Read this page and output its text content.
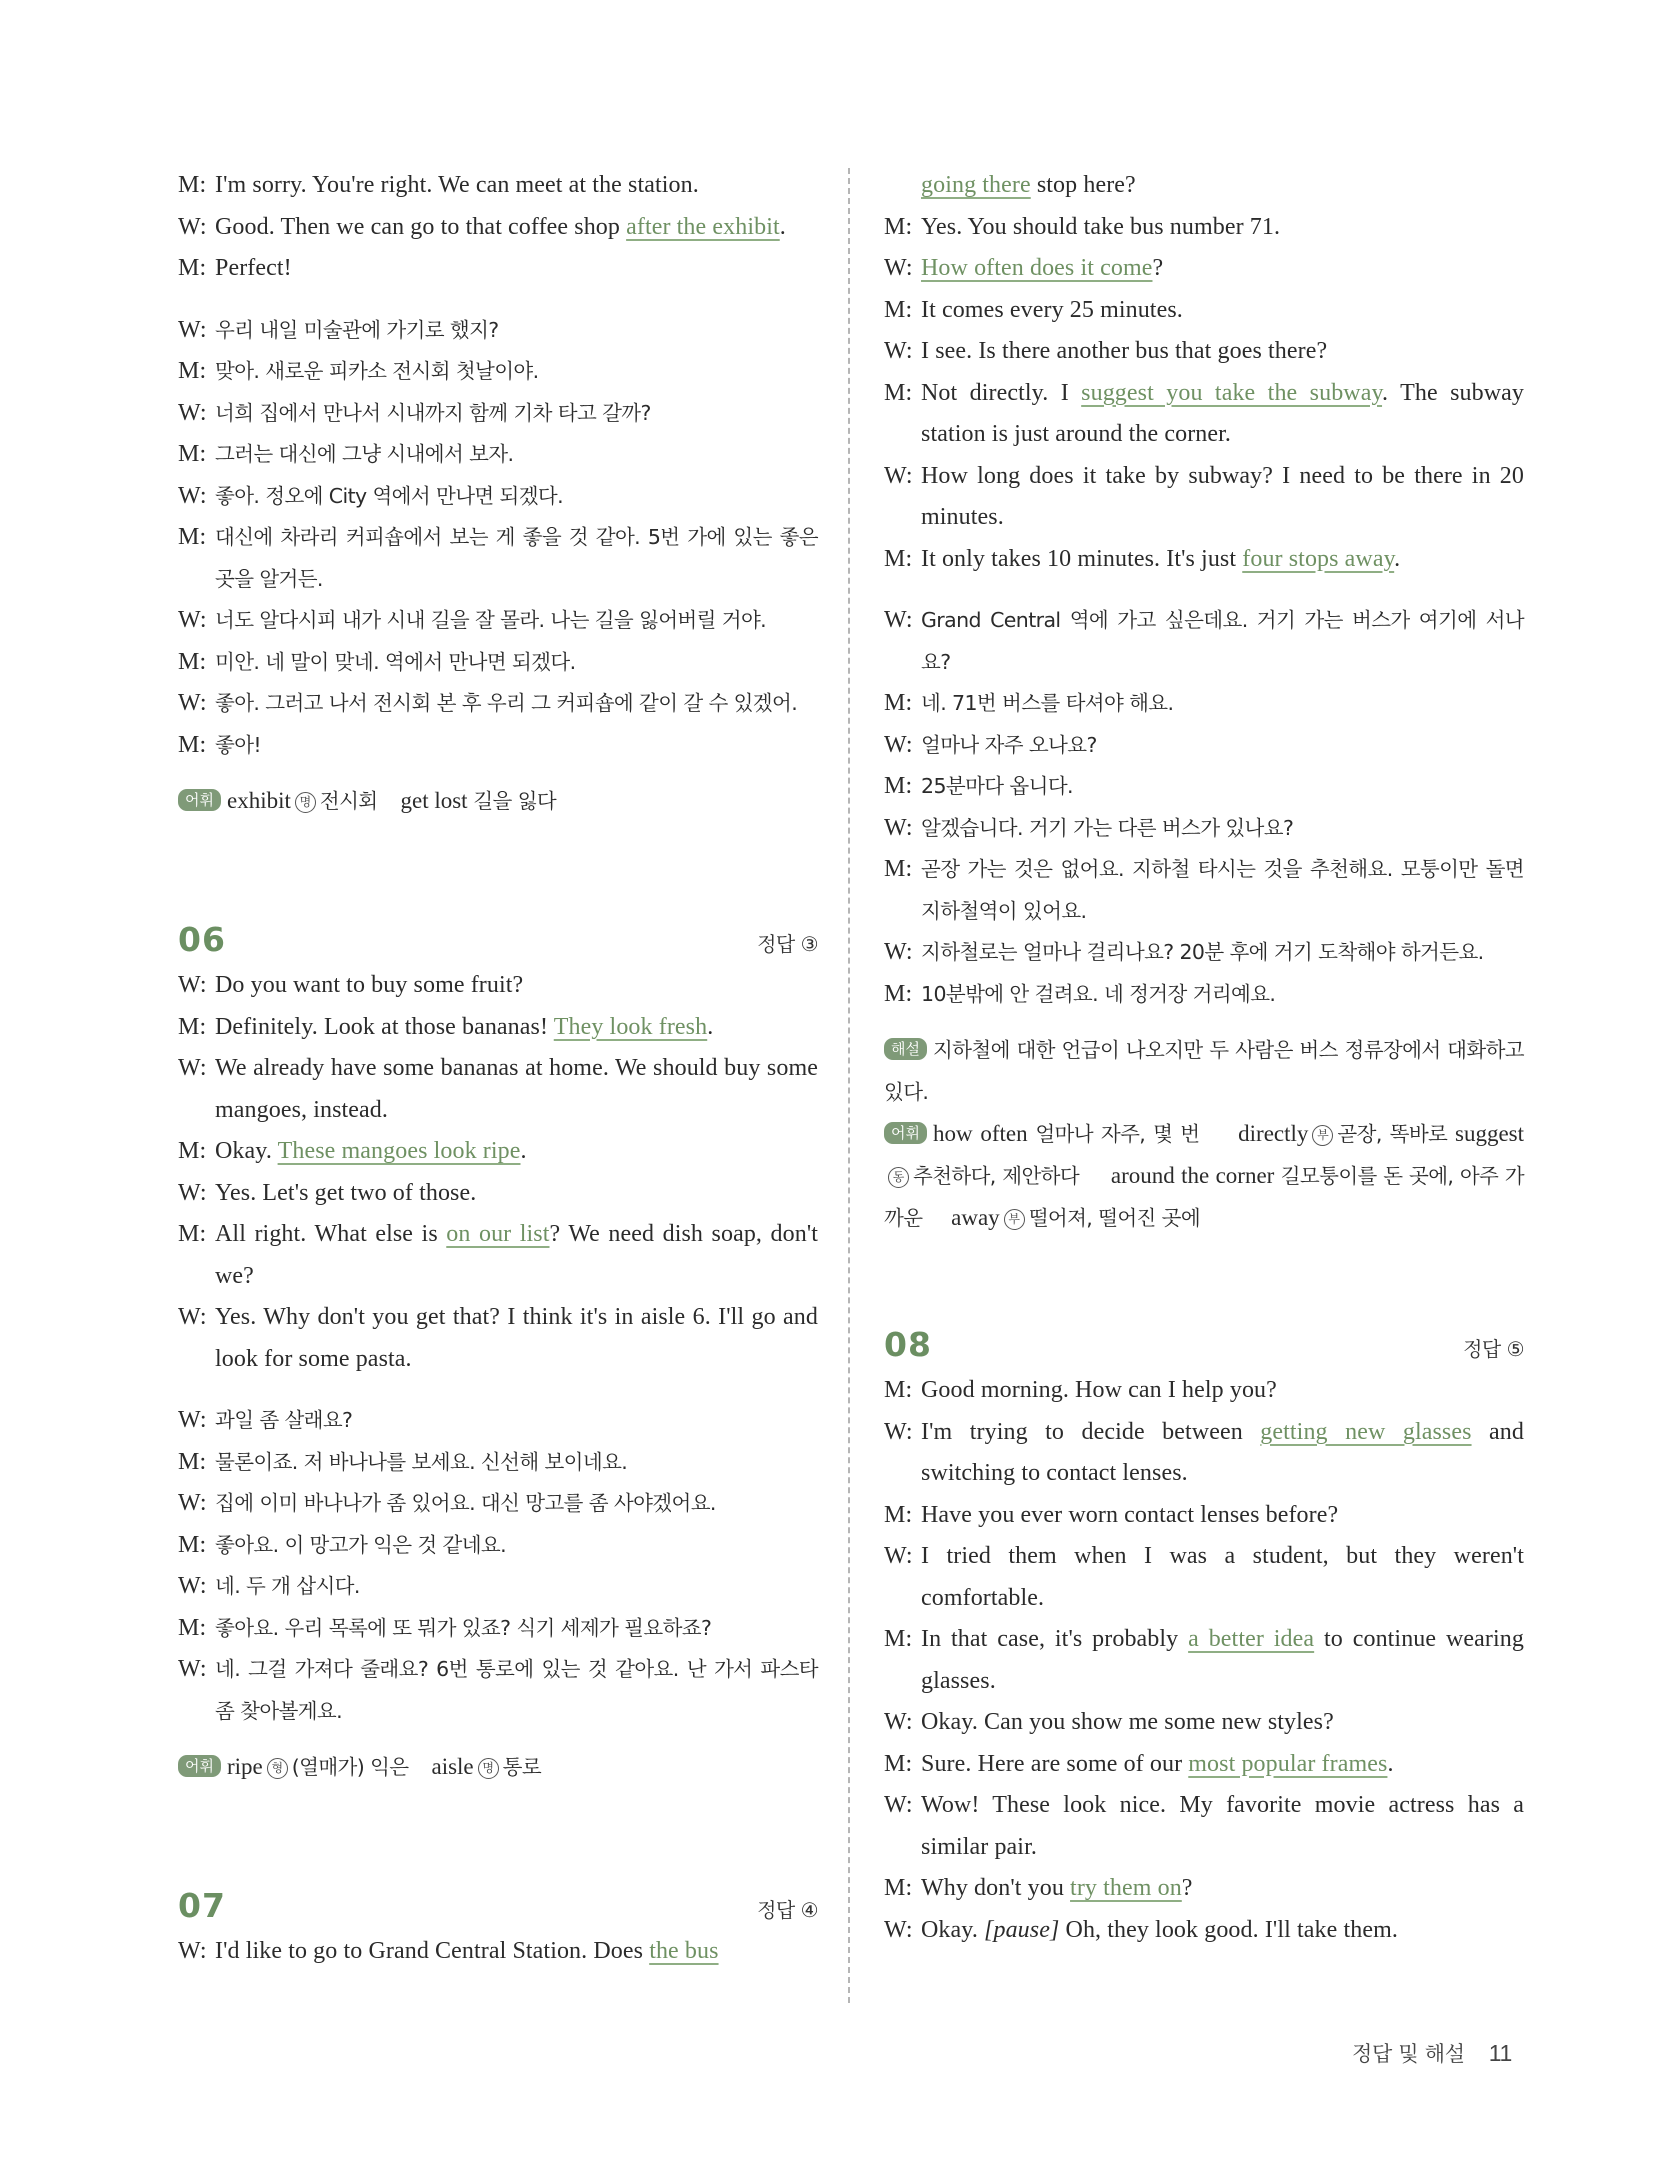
M: I'm sorry. You're right. We can meet at the station.
W: Good. Then we can go to that coffee shop after the exhibit.
M: Perfect!
W: 우리 내일 미술관에 가기로 했지?
M: 맞아. 새로운 피카소 전시회 첫날이야.
W: 너희 집에서 만나서 시내까지 함께 기차 타고 갈까?
M: 그러는 대신에 그냥 시내에서 보자.
W: 좋아. 정오에 City 역에서 만나면 되겠다.
M: 대신에 차라리 커피숍에서 보는 게 좋을 것 같아. 5번 가에 있는 좋은 곳을 알거든.
W: 너도 알다시피 내가 시내 길을 잘 몰라. 나는 길을 잃어버릴 거야.
M: 미안. 네 말이 맞네. 역에서 만나면 되겠다.
W: 좋아. 그러고 나서 전시회 본 후 우리 그 커피숍에 같이 갈 수 있겠어.
M: 좋아!
어휘 exhibit 명 전시회 get lost 길을 잃다
06	정답 ③
W: Do you want to buy some fruit?
M: Definitely. Look at those bananas! They look fresh.
W: We already have some bananas at home. We should buy some mangoes, instead.
M: Okay. These mangoes look ripe.
W: Yes. Let's get two of those.
M: All right. What else is on our list? We need dish soap, don't we?
W: Yes. Why don't you get that? I think it's in aisle 6. I'll go and look for some pasta.
W: 과일 좀 살래요?
M: 물론이죠. 저 바나나를 보세요. 신선해 보이네요.
W: 집에 이미 바나나가 좀 있어요. 대신 망고를 좀 사야겠어요.
M: 좋아요. 이 망고가 익은 것 같네요.
W: 네. 두 개 삽시다.
M: 좋아요. 우리 목록에 또 뭐가 있죠? 식기 세제가 필요하죠?
W: 네. 그걸 가져다 줄래요? 6번 통로에 있는 것 같아요. 난 가서 파스타 좀 찾아볼게요.
어휘 ripe 형 (열매가) 익은 aisle 명 통로
07	정답 ④
W: I'd like to go to Grand Central Station. Does the bus
going there stop here?
M: Yes. You should take bus number 71.
W: How often does it come?
M: It comes every 25 minutes.
W: I see. Is there another bus that goes there?
M: Not directly. I suggest you take the subway. The subway station is just around the corner.
W: How long does it take by subway? I need to be there in 20 minutes.
M: It only takes 10 minutes. It's just four stops away.
W: Grand Central 역에 가고 싶은데요. 거기 가는 버스가 여기에 서나요?
M: 네. 71번 버스를 타셔야 해요.
W: 얼마나 자주 오나요?
M: 25분마다 옵니다.
W: 알겠습니다. 거기 가는 다른 버스가 있나요?
M: 곧장 가는 것은 없어요. 지하철 타시는 것을 추천해요. 모퉁이만 돌면 지하철역이 있어요.
W: 지하철로는 얼마나 걸리나요? 20분 후에 거기 도착해야 하거든요.
M: 10분밖에 안 걸려요. 네 정거장 거리예요.
해설 지하철에 대한 언급이 나오지만 두 사람은 버스 정류장에서 대화하고 있다.
어휘 how often 얼마나 자주, 몇 번 directly 부 곧장, 똑바로 suggest동 추천하다, 제안하다 around the corner 길모퉁이를 돈 곳에, 아주 가까운 away 부 떨어져, 떨어진 곳에
08	정답 ⑤
M: Good morning. How can I help you?
W: I'm trying to decide between getting new glasses and switching to contact lenses.
M: Have you ever worn contact lenses before?
W: I tried them when I was a student, but they weren't comfortable.
M: In that case, it's probably a better idea to continue wearing glasses.
W: Okay. Can you show me some new styles?
M: Sure. Here are some of our most popular frames.
W: Wow! These look nice. My favorite movie actress has a similar pair.
M: Why don't you try them on?
W: Okay. [pause] Oh, they look good. I'll take them.
정답 및 해설 11
